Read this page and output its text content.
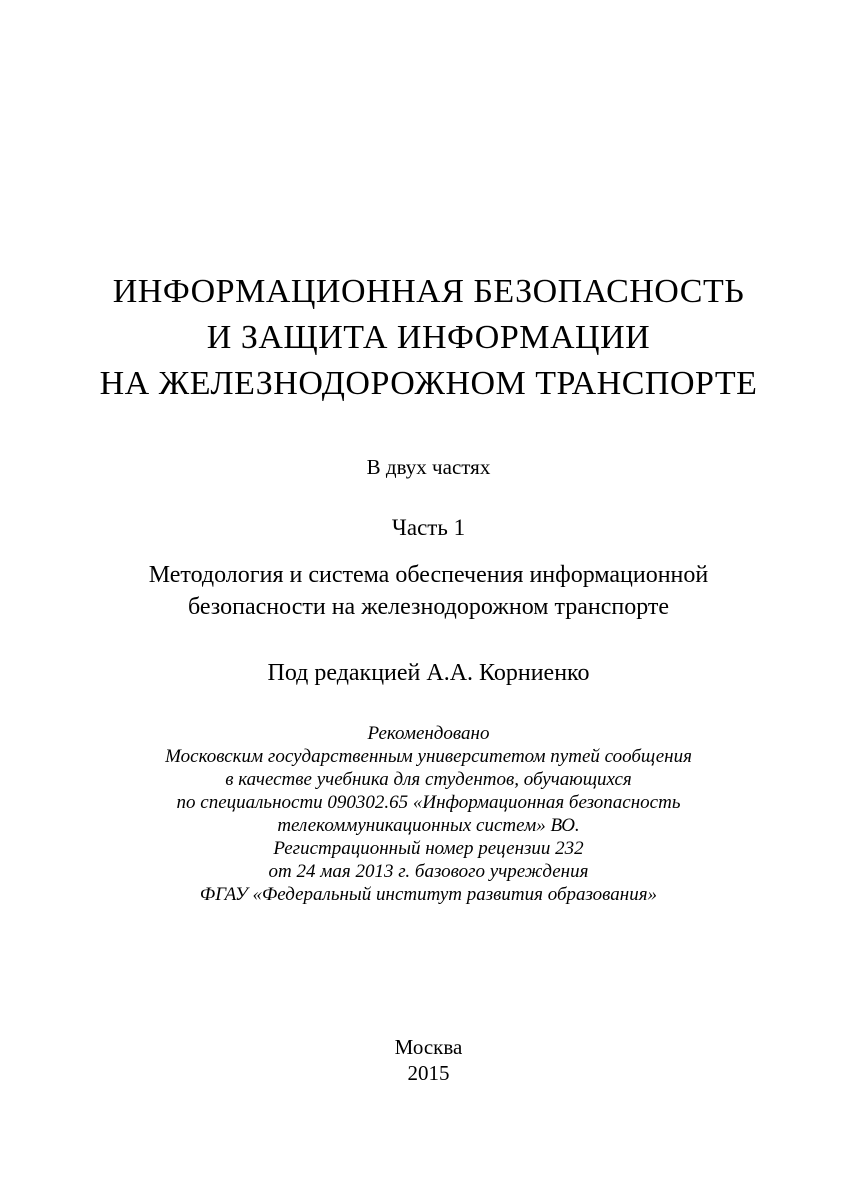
ИНФОРМАЦИОННАЯ БЕЗОПАСНОСТЬ
И ЗАЩИТА ИНФОРМАЦИИ
НА ЖЕЛЕЗНОДОРОЖНОМ ТРАНСПОРТЕ
В двух частях
Часть 1
Методология и система обеспечения информационной
безопасности на железнодорожном транспорте
Под редакцией А.А. Корниенко
Рекомендовано
Московским государственным университетом путей сообщения
в качестве учебника для студентов, обучающихся
по специальности 090302.65 «Информационная безопасность
телекоммуникационных систем» ВО.
Регистрационный номер рецензии 232
от 24 мая 2013 г. базового учреждения
ФГАУ «Федеральный институт развития образования»
Москва
2015
